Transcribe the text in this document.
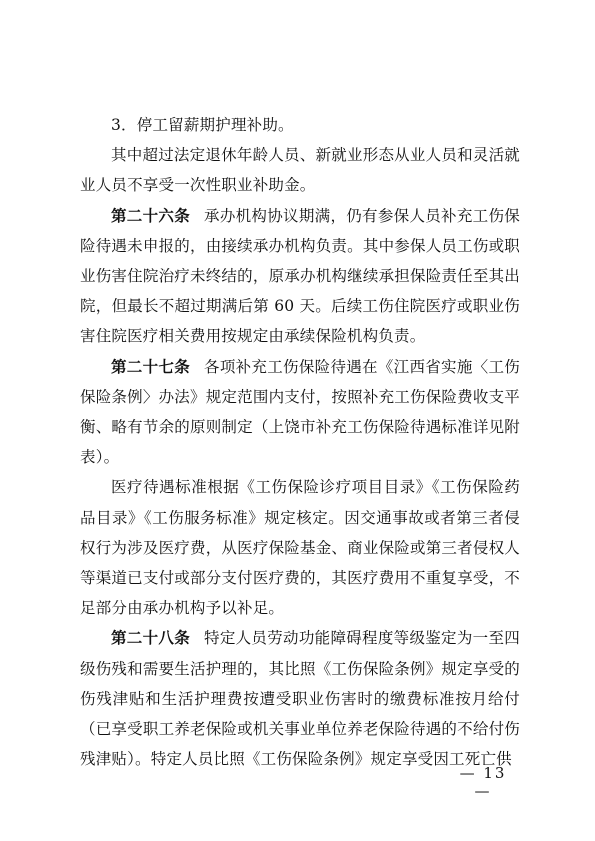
3．停工留薪期护理补助。

其中超过法定退休年龄人员、新就业形态从业人员和灵活就业人员不享受一次性职业补助金。

第二十六条 承办机构协议期满，仍有参保人员补充工伤保险待遇未申报的，由接续承办机构负责。其中参保人员工伤或职业伤害住院治疗未终结的，原承办机构继续承担保险责任至其出院，但最长不超过期满后第 60 天。后续工伤住院医疗或职业伤害住院医疗相关费用按规定由承续保险机构负责。

第二十七条 各项补充工伤保险待遇在《江西省实施〈工伤保险条例〉办法》规定范围内支付，按照补充工伤保险费收支平衡、略有节余的原则制定（上饶市补充工伤保险待遇标准详见附表）。

医疗待遇标准根据《工伤保险诊疗项目目录》《工伤保险药品目录》《工伤服务标准》规定核定。因交通事故或者第三者侵权行为涉及医疗费，从医疗保险基金、商业保险或第三者侵权人等渠道已支付或部分支付医疗费的，其医疗费用不重复享受，不足部分由承办机构予以补足。

第二十八条 特定人员劳动功能障碍程度等级鉴定为一至四级伤残和需要生活护理的，其比照《工伤保险条例》规定享受的伤残津贴和生活护理费按遭受职业伤害时的缴费标准按月给付（已享受职工养老保险或机关事业单位养老保险待遇的不给付伤残津贴）。特定人员比照《工伤保险条例》规定享受因工死亡供

— 13 —
